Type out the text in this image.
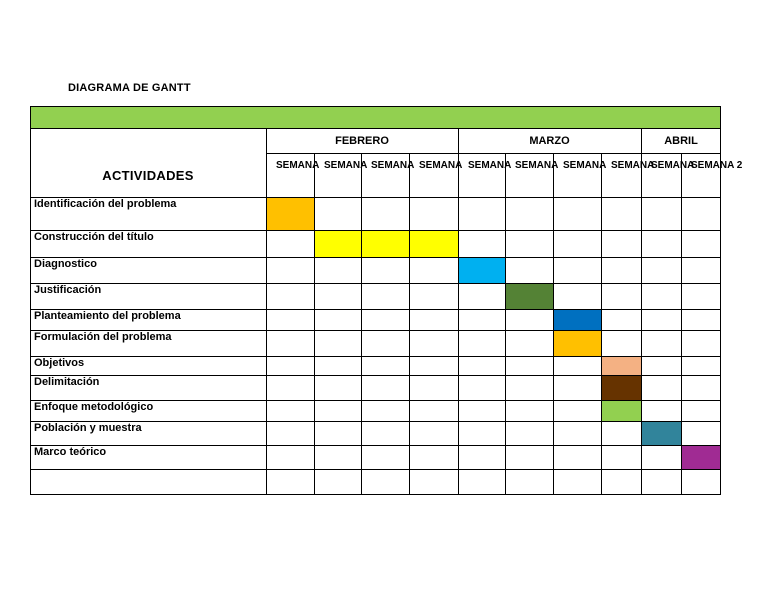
DIAGRAMA DE GANTT
ACTIVIDADES
FEBRERO	MARZO	ABRIL
SEMANA SEMANA SEMANA SEMANA SEMANA SEMANA SEMANA SEMANA
SEMANA
SEMANA 2
Identificación del problema
Construcción del título
Diagnostico
Justificación
Planteamiento del problema
Formulación del problema
Objetivos
Delimitación
Enfoque metodológico
Población y muestra
Marco teórico
